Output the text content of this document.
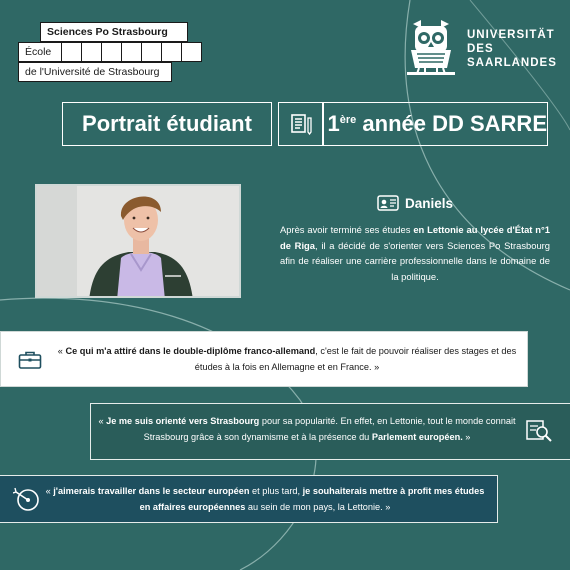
Sciences Po Strasbourg
École
de l'Université de Strasbourg
UNIVERSITÄT
DES
SAARLANDES
Portrait étudiant	1ère année DD SARRE
Daniels
Après avoir terminé ses études en Lettonie au lycée d'État n°1 de Riga, il a décidé de s'orienter vers Sciences Po Strasbourg afin de réaliser une carrière professionnelle dans le domaine de la politique.
« Ce qui m'a attiré dans le double-diplôme franco-allemand, c'est le fait de pouvoir réaliser des stages et des études à la fois en Allemagne et en France. »
« Je me suis orienté vers Strasbourg pour sa popularité. En effet, en Lettonie, tout le monde connait Strasbourg grâce à son dynamisme et à la présence du Parlement européen. »
« j'aimerais travailler dans le secteur européen et plus tard, je souhaiterais mettre à profit mes études en affaires européennes au sein de mon pays, la Lettonie. »
